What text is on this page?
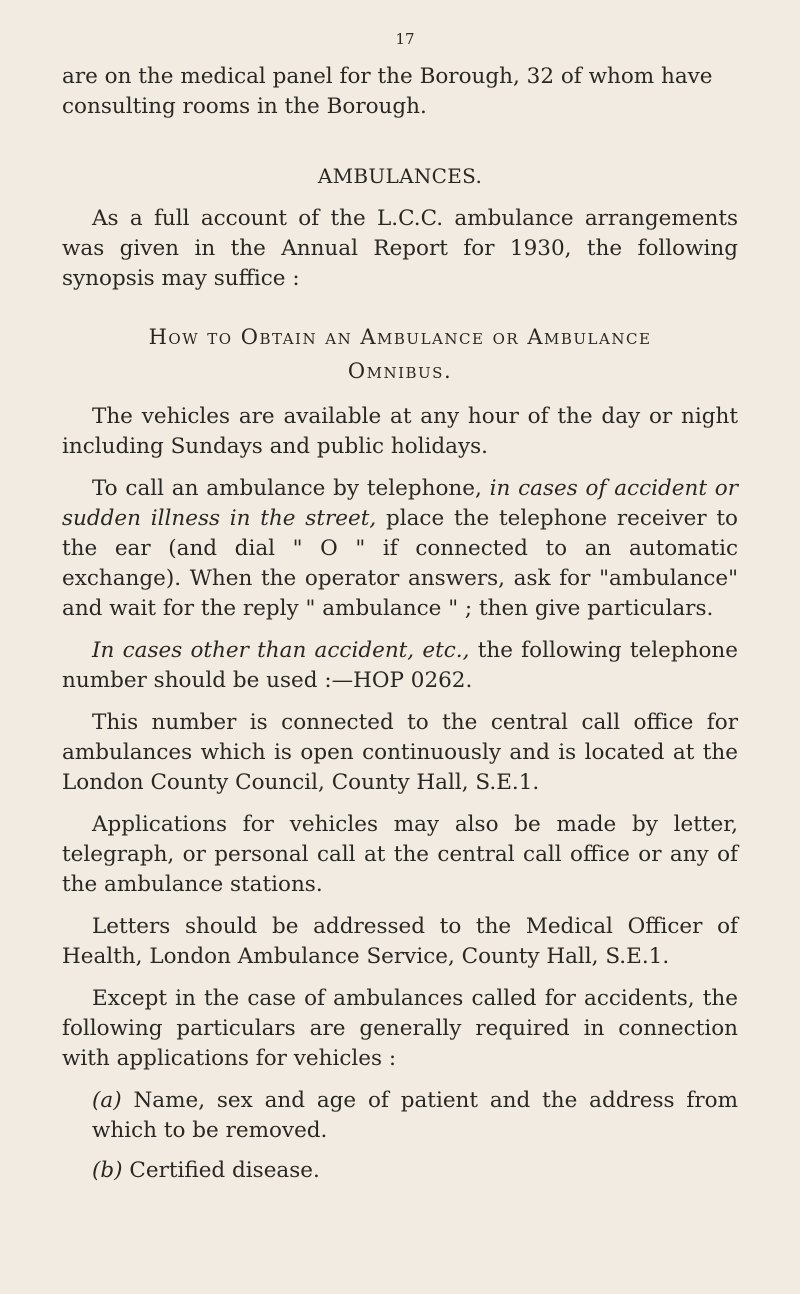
17

are on the medical panel for the Borough, 32 of whom have consulting rooms in the Borough.

AMBULANCES.

As a full account of the L.C.C. ambulance arrangements was given in the Annual Report for 1930, the following synopsis may suffice :

How to Obtain an Ambulance or Ambulance
Omnibus.

The vehicles are available at any hour of the day or night including Sundays and public holidays.

To call an ambulance by telephone, in cases of accident or sudden illness in the street, place the telephone receiver to the ear (and dial " O " if connected to an automatic exchange). When the operator answers, ask for "ambulance" and wait for the reply " ambulance " ; then give particulars.

In cases other than accident, etc., the following telephone number should be used :—HOP 0262.

This number is connected to the central call office for ambulances which is open continuously and is located at the London County Council, County Hall, S.E.1.

Applications for vehicles may also be made by letter, telegraph, or personal call at the central call office or any of the ambulance stations.

Letters should be addressed to the Medical Officer of Health, London Ambulance Service, County Hall, S.E.1.

Except in the case of ambulances called for accidents, the following particulars are generally required in connection with applications for vehicles :

(a) Name, sex and age of patient and the address from which to be removed.

(b) Certified disease.
